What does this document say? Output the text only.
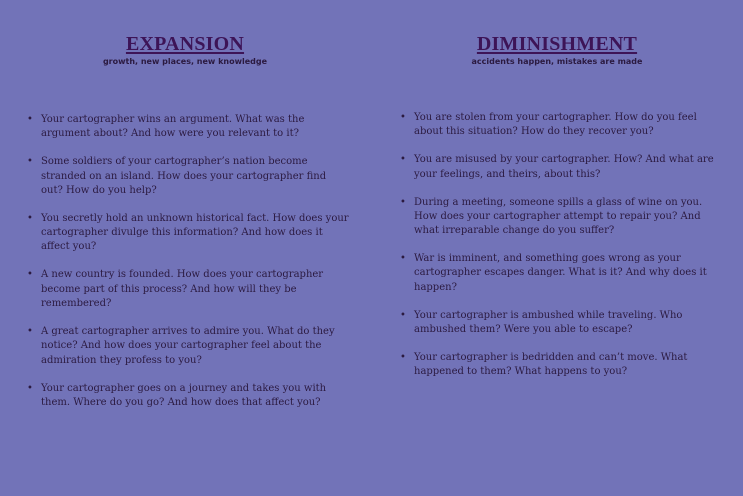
EXPANSION
growth, new places, new knowledge
DIMINISHMENT
accidents happen, mistakes are made
• Your cartographer wins an argument. What was the argument about? And how were you relevant to it?
• Some soldiers of your cartographer’s nation become stranded on an island. How does your cartographer find out? How do you help?
• You secretly hold an unknown historical fact. How does your cartographer divulge this information? And how does it affect you?
• A new country is founded. How does your cartographer become part of this process? And how will they be remembered?
• A great cartographer arrives to admire you. What do they notice? And how does your cartographer feel about the admiration they profess to you?
• Your cartographer goes on a journey and takes you with them. Where do you go? And how does that affect you?
• You are stolen from your cartographer. How do you feel about this situation? How do they recover you?
• You are misused by your cartographer. How? And what are your feelings, and theirs, about this?
• During a meeting, someone spills a glass of wine on you. How does your cartographer attempt to repair you? And what irreparable change do you suffer?
• War is imminent, and something goes wrong as your cartographer escapes danger. What is it? And why does it happen?
• Your cartographer is ambushed while traveling. Who ambushed them? Were you able to escape?
• Your cartographer is bedridden and can’t move. What happened to them? What happens to you?
